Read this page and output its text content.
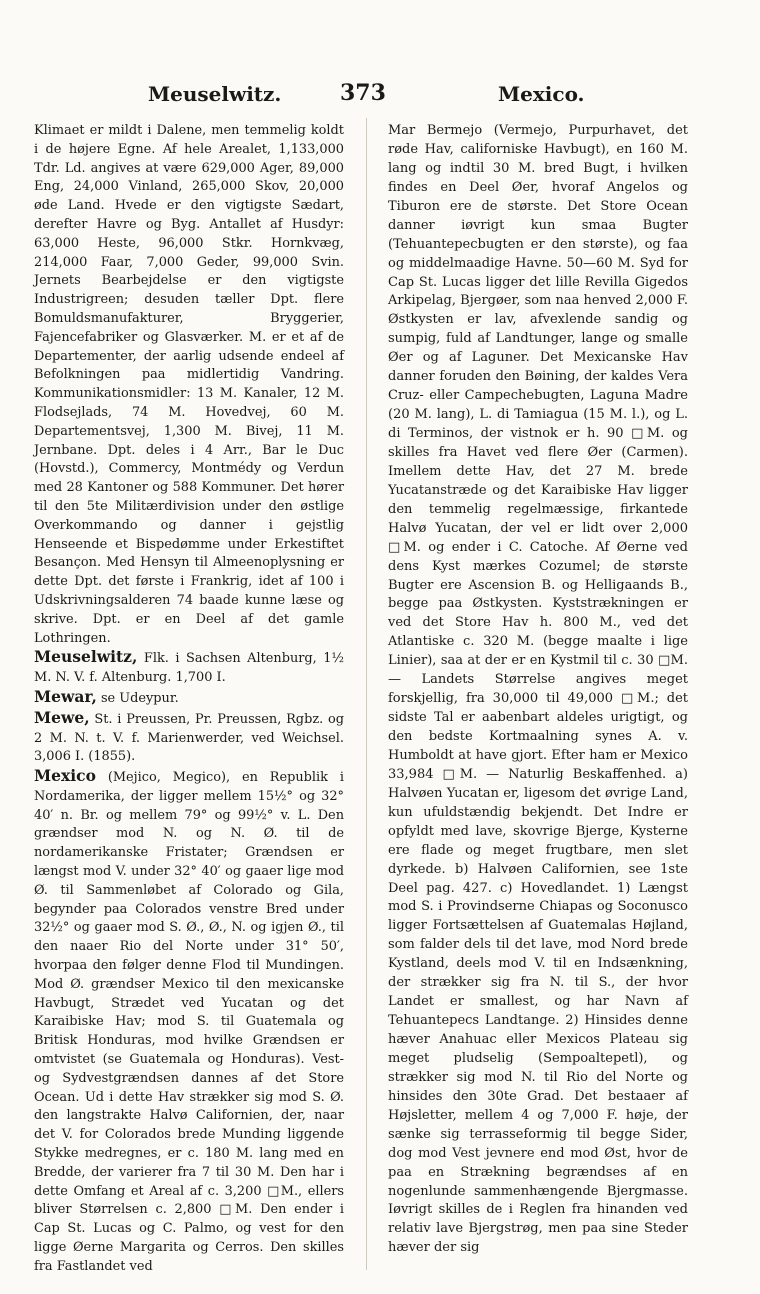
Meuselwitz.	373	Mexico.

Klimaet er mildt i Dalene, men temmelig koldt i de højere Egne. Af hele Arealet, 1,133,000 Tdr. Ld. angives at være 629,000 Ager, 89,000 Eng, 24,000 Vinland, 265,000 Skov, 20,000 øde Land. Hvede er den vigtigste Sædart, derefter Havre og Byg. Antallet af Husdyr: 63,000 Heste, 96,000 Stkr. Hornkvæg, 214,000 Faar, 7,000 Geder, 99,000 Svin. Jernets Bearbejdelse er den vigtigste Industrigreen; desuden tæller Dpt. flere Bomuldsmanufakturer, Bryggerier, Fajencefabriker og Glasværker. M. er et af de Departementer, der aarlig udsende endeel af Befolkningen paa midlertidig Vandring. Kommunikationsmidler: 13 M. Kanaler, 12 M. Flodsejlads, 74 M. Hovedvej, 60 M. Departementsvej, 1,300 M. Bivej, 11 M. Jernbane. Dpt. deles i 4 Arr., Bar le Duc (Hovstd.), Commercy, Montmédy og Verdun med 28 Kantoner og 588 Kommuner. Det hører til den 5te Militærdivision under den østlige Overkommando og danner i gejstlig Henseende et Bispedømme under Erkestiftet Besançon. Med Hensyn til Almeenoplysning er dette Dpt. det første i Frankrig, idet af 100 i Udskrivningsalderen 74 baade kunne læse og skrive. Dpt. er en Deel af det gamle Lothringen.

Meuselwitz, Flk. i Sachsen Altenburg, 1½ M. N. V. f. Altenburg. 1,700 I.

Mewar, se Udeypur.

Mewe, St. i Preussen, Pr. Preussen, Rgbz. og 2 M. N. t. V. f. Marienwerder, ved Weichsel. 3,006 I. (1855).

Mexico (Mejico, Megico), en Republik i Nordamerika, der ligger mellem 15½° og 32° 40′ n. Br. og mellem 79° og 99½° v. L. Den grændser mod N. og N. Ø. til de nordamerikanske Fristater; Grændsen er længst mod V. under 32° 40′ og gaaer lige mod Ø. til Sammenløbet af Colorado og Gila, begynder paa Colorados venstre Bred under 32½° og gaaer mod S. Ø., Ø., N. og igjen Ø., til den naaer Rio del Norte under 31° 50′, hvorpaa den følger denne Flod til Mundingen. Mod Ø. grændser Mexico til den mexicanske Havbugt, Strædet ved Yucatan og det Karaibiske Hav; mod S. til Guatemala og Britisk Honduras, mod hvilke Grændsen er omtvistet (se Guatemala og Honduras). Vest- og Sydvestgrændsen dannes af det Store Ocean. Ud i dette Hav strækker sig mod S. Ø. den langstrakte Halvø Californien, der, naar det V. for Colorados brede Munding liggende Stykke medregnes, er c. 180 M. lang med en Bredde, der varierer fra 7 til 30 M. Den har i dette Omfang et Areal af c. 3,200 □M., ellers bliver Størrelsen c. 2,800 □M. Den ender i Cap St. Lucas og C. Palmo, og vest for den ligge Øerne Margarita og Cerros. Den skilles fra Fastlandet ved

Mar Bermejo (Vermejo, Purpurhavet, det røde Hav, californiske Havbugt), en 160 M. lang og indtil 30 M. bred Bugt, i hvilken findes en Deel Øer, hvoraf Angelos og Tiburon ere de største. Det Store Ocean danner iøvrigt kun smaa Bugter (Tehuantepecbugten er den største), og faa og middelmaadige Havne. 50—60 M. Syd for Cap St. Lucas ligger det lille Revilla Gigedos Arkipelag, Bjergøer, som naa henved 2,000 F. Østkysten er lav, afvexlende sandig og sumpig, fuld af Landtunger, lange og smalle Øer og af Laguner. Det Mexicanske Hav danner foruden den Bøining, der kaldes Vera Cruz- eller Campechebugten, Laguna Madre (20 M. lang), L. di Tamiagua (15 M. l.), og L. di Terminos, der vistnok er h. 90 □M. og skilles fra Havet ved flere Øer (Carmen). Imellem dette Hav, det 27 M. brede Yucatanstræde og det Karaibiske Hav ligger den temmelig regelmæssige, firkantede Halvø Yucatan, der vel er lidt over 2,000 □M. og ender i C. Catoche. Af Øerne ved dens Kyst mærkes Cozumel; de største Bugter ere Ascension B. og Helligaands B., begge paa Østkysten. Kyststrækningen er ved det Store Hav h. 800 M., ved det Atlantiske c. 320 M. (begge maalte i lige Linier), saa at der er en Kystmil til c. 30 □M. — Landets Størrelse angives meget forskjellig, fra 30,000 til 49,000 □M.; det sidste Tal er aabenbart aldeles urigtigt, og den bedste Kortmaalning synes A. v. Humboldt at have gjort. Efter ham er Mexico 33,984 □M. — Naturlig Beskaffenhed. a) Halvøen Yucatan er, ligesom det øvrige Land, kun ufuldstændig bekjendt. Det Indre er opfyldt med lave, skovrige Bjerge, Kysterne ere flade og meget frugtbare, men slet dyrkede. b) Halvøen Californien, see 1ste Deel pag. 427. c) Hovedlandet. 1) Længst mod S. i Provindserne Chiapas og Soconusco ligger Fortsættelsen af Guatemalas Højland, som falder dels til det lave, mod Nord brede Kystland, deels mod V. til en Indsænkning, der strækker sig fra N. til S., der hvor Landet er smallest, og har Navn af Tehuantepecs Landtange. 2) Hinsides denne hæver Anahuac eller Mexicos Plateau sig meget pludselig (Sempoaltepetl), og strækker sig mod N. til Rio del Norte og hinsides den 30te Grad. Det bestaaer af Højsletter, mellem 4 og 7,000 F. høje, der sænke sig terrasseformig til begge Sider, dog mod Vest jevnere end mod Øst, hvor de paa en Strækning begrændses af en nogenlunde sammenhængende Bjergmasse. Iøvrigt skilles de i Reglen fra hinanden ved relativ lave Bjergstrøg, men paa sine Steder hæver der sig
